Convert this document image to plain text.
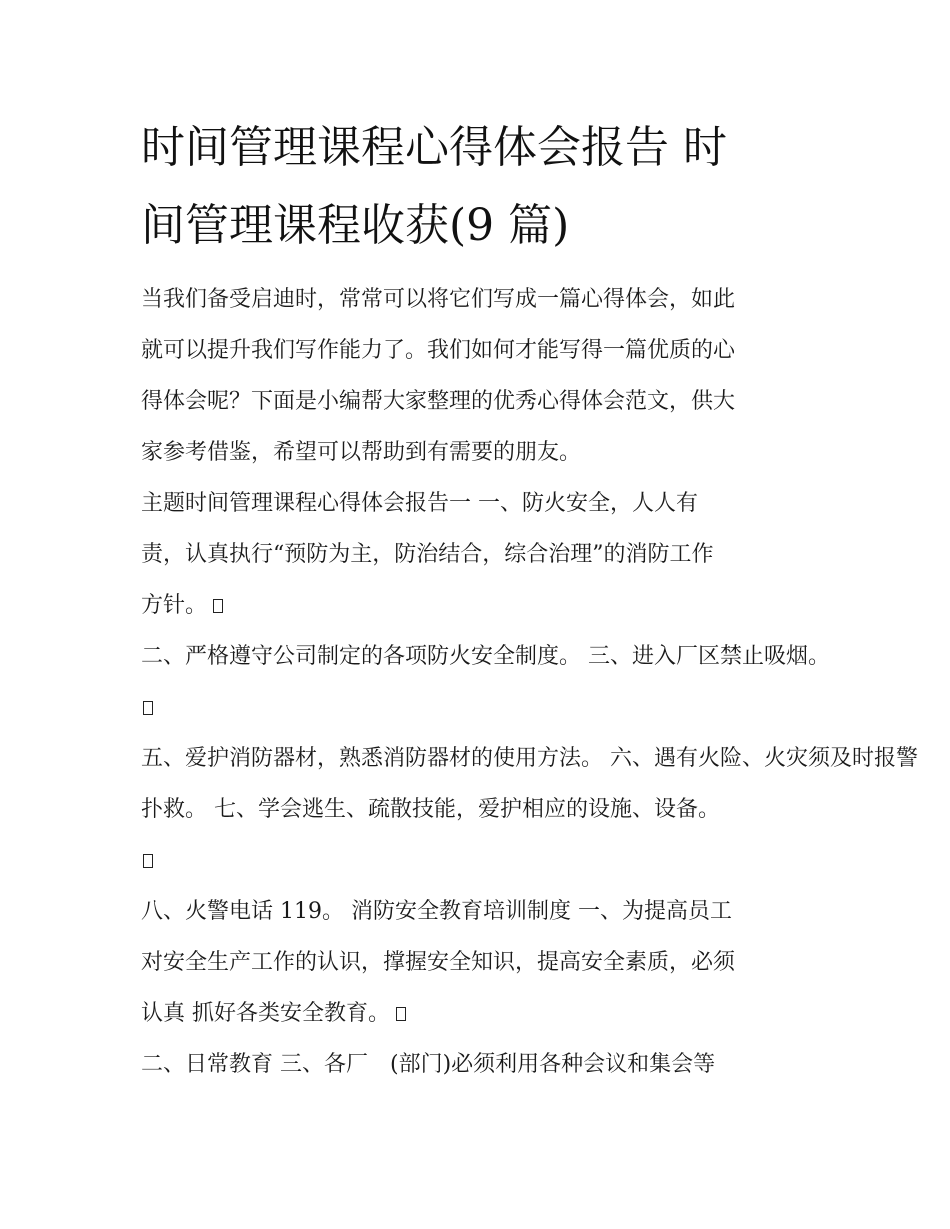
时间管理课程心得体会报告 时
间管理课程收获(9 篇)
当我们备受启迪时，常常可以将它们写成一篇心得体会，如此
就可以提升我们写作能力了。我们如何才能写得一篇优质的心
得体会呢？下面是小编帮大家整理的优秀心得体会范文，供大
家参考借鉴，希望可以帮助到有需要的朋友。
主题时间管理课程心得体会报告一 一、防火安全，人人有
责，认真执行“预防为主，防治结合，综合治理”的消防工作
方针。
二、严格遵守公司制定的各项防火安全制度。 三、进入厂区禁止吸烟。
五、爱护消防器材，熟悉消防器材的使用方法。 六、遇有火险、火灾须及时报警
扑救。 七、学会逃生、疏散技能，爱护相应的设施、设备。
八、火警电话 119。 消防安全教育培训制度 一、为提高员工
对安全生产工作的认识，撑握安全知识，提高安全素质，必须
认真 抓好各类安全教育。
二、日常教育 三、各厂　(部门)必须利用各种会议和集会等
